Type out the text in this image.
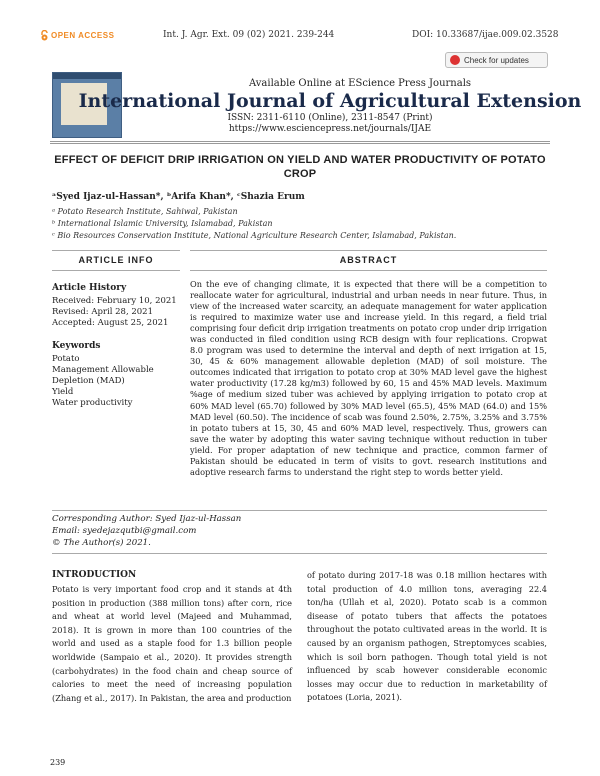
OPEN ACCESS	Int. J. Agr. Ext. 09 (02) 2021. 239-244	DOI: 10.33687/ijae.009.02.3528
Check for updates
Available Online at EScience Press Journals
International Journal of Agricultural Extension
ISSN: 2311-6110 (Online), 2311-8547 (Print)
https://www.esciencepress.net/journals/IJAE
EFFECT OF DEFICIT DRIP IRRIGATION ON YIELD AND WATER PRODUCTIVITY OF POTATO CROP
ᵃSyed Ijaz-ul-Hassan*, ᵇArifa Khan*, ᶜShazia Erum
ᵃ Potato Research Institute, Sahiwal, Pakistan
ᵇ International Islamic University, Islamabad, Pakistan
ᶜ Bio Resources Conservation Institute, National Agriculture Research Center, Islamabad, Pakistan.
ARTICLE INFO	ABSTRACT
Article History
Received: February 10, 2021
Revised: April 28, 2021
Accepted: August 25, 2021
Keywords
Potato
Management Allowable
Depletion (MAD)
Yield
Water productivity
On the eve of changing climate, it is expected that there will be a competition to reallocate water for agricultural, industrial and urban needs in near future. Thus, in view of the increased water scarcity, an adequate management for water application is required to maximize water use and increase yield. In this regard, a field trial comprising four deficit drip irrigation treatments on potato crop under drip irrigation was conducted in filed condition using RCB design with four replications. Cropwat 8.0 program was used to determine the interval and depth of next irrigation at 15, 30, 45 & 60% management allowable depletion (MAD) of soil moisture. The outcomes indicated that irrigation to potato crop at 30% MAD level gave the highest water productivity (17.28 kg/m3) followed by 60, 15 and 45% MAD levels. Maximum %age of medium sized tuber was achieved by applying irrigation to potato crop at 60% MAD level (65.70) followed by 30% MAD level (65.5), 45% MAD (64.0) and 15% MAD level (60.50). The incidence of scab was found 2.50%, 2.75%, 3.25% and 3.75% in potato tubers at 15, 30, 45 and 60% MAD level, respectively. Thus, growers can save the water by adopting this water saving technique without reduction in tuber yield. For proper adaptation of new technique and practice, common farmer of Pakistan should be educated in term of visits to govt. research institutions and adoptive research farms to understand the right step to words better yield.
Corresponding Author: Syed Ijaz-ul-Hassan
Email: syedejazqutbi@gmail.com
© The Author(s) 2021.
INTRODUCTION
Potato is very important food crop and it stands at 4th position in production (388 million tons) after corn, rice and wheat at world level (Majeed and Muhammad, 2018). It is grown in more than 100 countries of the world and used as a staple food for 1.3 billion people worldwide (Sampaio et al., 2020). It provides strength (carbohydrates) in the food chain and cheap source of calories to meet the need of increasing population (Zhang et al., 2017). In Pakistan, the area and production
of potato during 2017-18 was 0.18 million hectares with total production of 4.0 million tons, averaging 22.4 ton/ha (Ullah et al, 2020). Potato scab is a common disease of potato tubers that affects the potatoes throughout the potato cultivated areas in the world. It is caused by an organism pathogen, Streptomyces scabies, which is soil born pathogen. Though total yield is not influenced by scab however considerable economic losses may occur due to reduction in marketability of potatoes (Loria, 2021).
239
